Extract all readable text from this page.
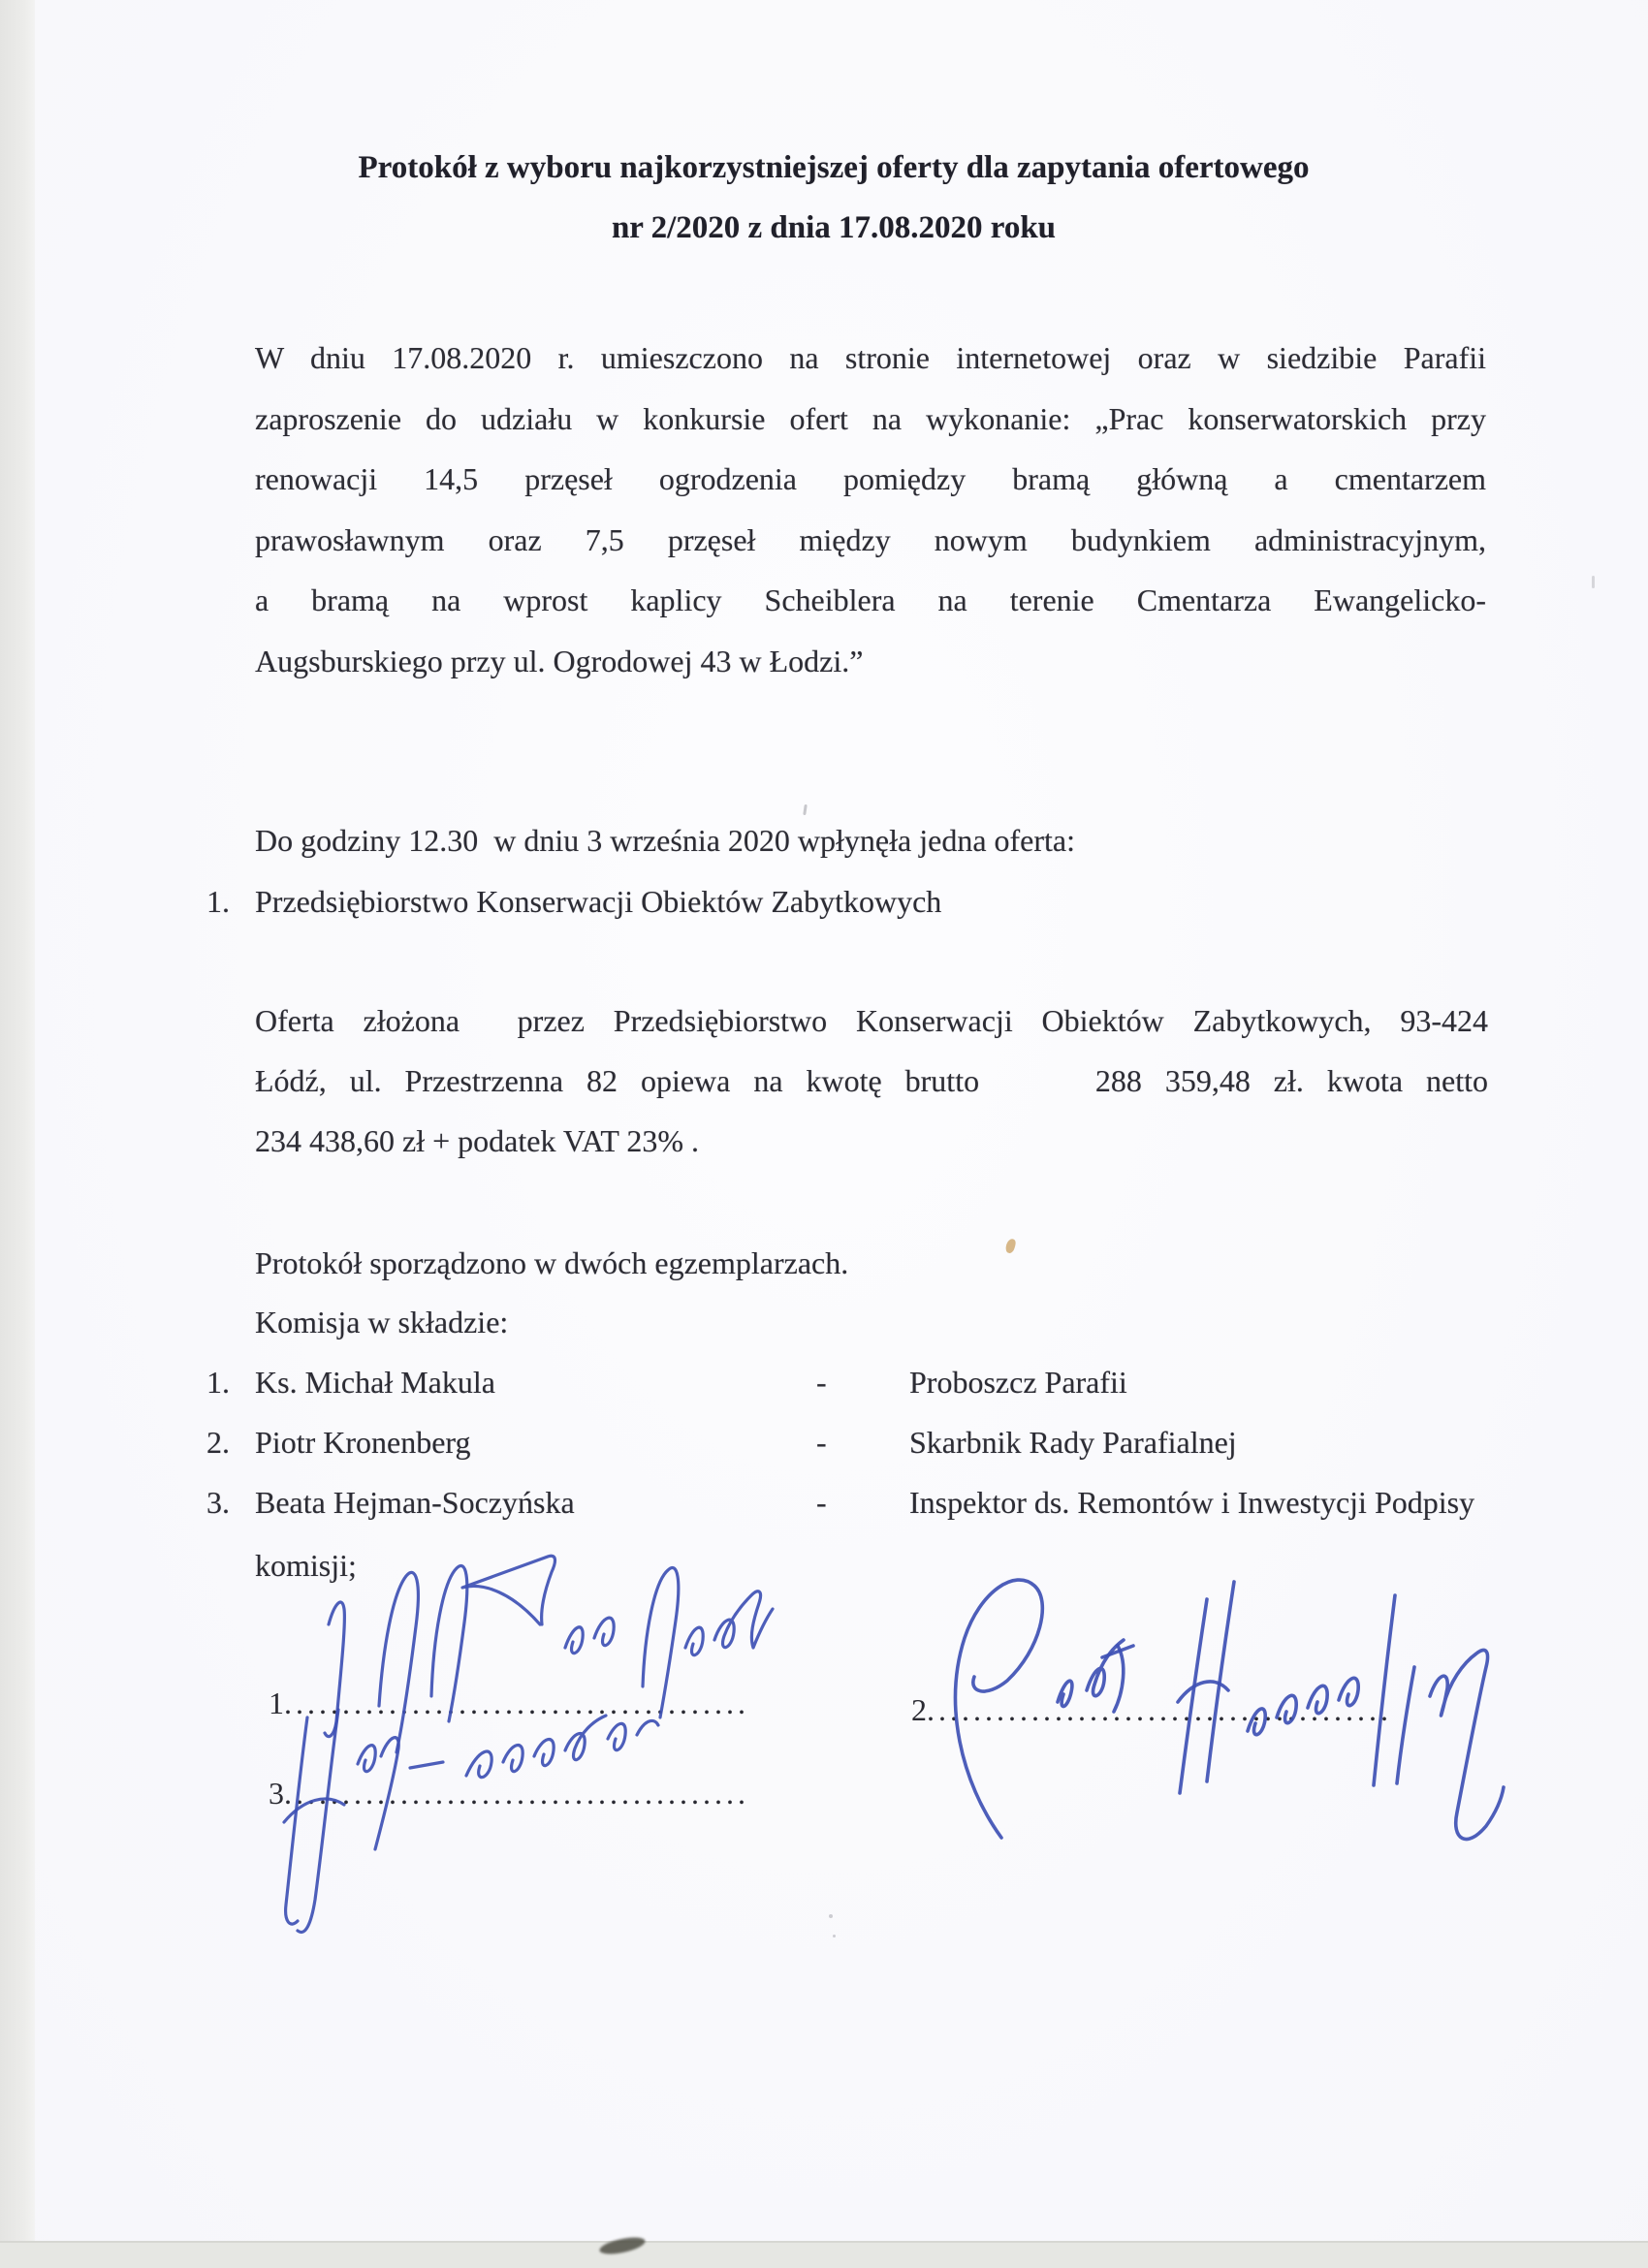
Protokół z wyboru najkorzystniejszej oferty dla zapytania ofertowego
nr 2/2020 z dnia 17.08.2020 roku
W dniu 17.08.2020 r. umieszczono na stronie internetowej oraz w siedzibie Parafii
zaproszenie do udziału w konkursie ofert na wykonanie: „Prac konserwatorskich przy
renowacji 14,5 przęseł ogrodzenia pomiędzy bramą główną a cmentarzem
prawosławnym oraz 7,5 przęseł między nowym budynkiem administracyjnym,
a bramą na wprost kaplicy Scheiblera na terenie Cmentarza Ewangelicko-
Augsburskiego przy ul. Ogrodowej 43 w Łodzi.”
Do godziny 12.30  w dniu 3 września 2020 wpłynęła jedna oferta:
1. Przedsiębiorstwo Konserwacji Obiektów Zabytkowych
Oferta złożona  przez Przedsiębiorstwo Konserwacji Obiektów Zabytkowych, 93-424
Łódź, ul. Przestrzenna 82 opiewa na kwotę brutto     288 359,48 zł. kwota netto
234 438,60 zł + podatek VAT 23% .
Protokół sporządzono w dwóch egzemplarzach.
Komisja w składzie:
1. Ks. Michał Makula	-	Proboszcz Parafii
2. Piotr Kronenberg	-	Skarbnik Rady Parafialnej
3. Beata Hejman-Soczyńska	-	Inspektor ds. Remontów i Inwestycji Podpisy
komisji;
1........................................	2........................................
3........................................
